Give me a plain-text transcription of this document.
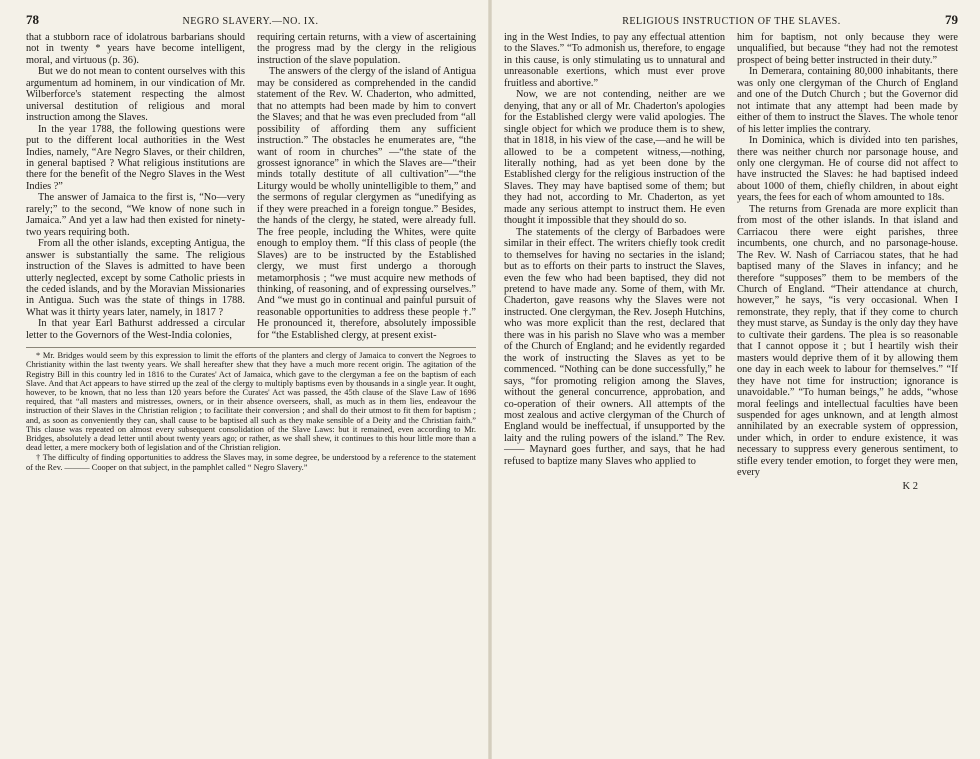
78	NEGRO SLAVERY.—NO. IX.

that a stubborn race of idolatrous barbarians should not in twenty * years have become intelligent, moral, and virtuous (p. 36).

But we do not mean to content ourselves with this argumentum ad hominem, in our vindication of Mr. Wilberforce's statement respecting the almost universal destitution of religious and moral instruction among the Slaves.

In the year 1788, the following questions were put to the different local authorities in the West Indies, namely, “Are Negro Slaves, or their children, in general baptised ? What religious institutions are there for the benefit of the Negro Slaves in the West Indies ?”

The answer of Jamaica to the first is, “No—very rarely;” to the second, “We know of none such in Jamaica.” And yet a law had then existed for ninety-two years requiring both.

From all the other islands, excepting Antigua, the answer is substantially the same. The religious instruction of the Slaves is admitted to have been utterly neglected, except by some Catholic priests in the ceded islands, and by the Moravian Missionaries in Antigua. Such was the state of things in 1788. What was it thirty years later, namely, in 1817 ?

In that year Earl Bathurst addressed a circular letter to the Governors of the West-India colonies,

requiring certain returns, with a view of ascertaining the progress mad by the clergy in the religious instruction of the slave population.

The answers of the clergy of the island of Antigua may be considered as comprehended in the candid statement of the Rev. W. Chaderton, who admitted, that no attempts had been made by him to convert the Slaves; and that he was even precluded from “all possibility of affording them any sufficient instruction.” The obstacles he enumerates are, “the want of room in churches” —“the state of the grossest ignorance” in which the Slaves are—“their minds totally destitute of all cultivation”—“the Liturgy would be wholly unintelligible to them,” and the sermons of regular clergymen as “unedifying as if they were preached in a foreign tongue.” Besides, the hands of the clergy, he stated, were already full. The free people, including the Whites, were quite enough to employ them. “If this class of people (the Slaves) are to be instructed by the Established clergy, we must first undergo a thorough metamorphosis ; “we must acquire new methods of thinking, of reasoning, and of expressing ourselves.” And “we must go in continual and painful pursuit of reasonable opportunities to address these people †.” He pronounced it, therefore, absolutely impossible for “the Established clergy, at present exist-

* Mr. Bridges would seem by this expression to limit the efforts of the planters and clergy of Jamaica to convert the Negroes to Christianity within the last twenty years. We shall hereafter shew that they have a much more recent origin. The agitation of the Registry Bill in this country led in 1816 to the Curates' Act of Jamaica, which gave to the clergyman a fee on the baptism of each Slave. And that Act appears to have stirred up the zeal of the clergy to multiply baptisms even by thousands in a single year. It ought, however, to be known, that no less than 120 years before the Curates' Act was passed, the 45th clause of the Slave Law of 1696 required, that “all masters and mistresses, owners, or in their absence overseers, shall, as much as in them lies, endeavour the instruction of their Slaves in the Christian religion ; to facilitate their conversion ; and shall do their utmost to fit them for baptism ; and, as soon as conveniently they can, shall cause to be baptised all such as they make sensible of a Deity and the Christian faith.” This clause was repeated on almost every subsequent consolidation of the Slave Laws: but it remained, even according to Mr. Bridges, absolutely a dead letter until about twenty years ago; or rather, as we shall shew, it continues to this hour little more than a dead letter, a mere mockery both of legislation and of the Christian religion.

† The difficulty of finding opportunities to address the Slaves may, in some degree, be understood by a reference to the statement of the Rev. ——— Cooper on that subject, in the pamphlet called “ Negro Slavery.”

RELIGIOUS INSTRUCTION OF THE SLAVES.	79

ing in the West Indies, to pay any effectual attention to the Slaves.” “To admonish us, therefore, to engage in this cause, is only stimulating us to unnatural and unreasonable exertions, which must ever prove fruitless and abortive.”

Now, we are not contending, neither are we denying, that any or all of Mr. Chaderton's apologies for the Established clergy were valid apologies. The single object for which we produce them is to shew, that in 1818, in his view of the case,—and he will be allowed to be a competent witness,—nothing, literally nothing, had as yet been done by the Established clergy for the religious instruction of the Slaves. They may have baptised some of them; but they had not, according to Mr. Chaderton, as yet made any serious attempt to instruct them. He even thought it impossible that they should do so.

The statements of the clergy of Barbadoes were similar in their effect. The writers chiefly took credit to themselves for having no sectaries in the island; but as to efforts on their parts to instruct the Slaves, even the few who had been baptised, they did not pretend to have made any. Some of them, with Mr. Chaderton, gave reasons why the Slaves were not instructed. One clergyman, the Rev. Joseph Hutchins, who was more explicit than the rest, declared that there was in his parish no Slave who was a member of the Church of England; and he evidently regarded the work of instructing the Slaves as yet to be commenced. “Nothing can be done successfully,” he says, “for promoting religion among the Slaves, without the general concurrence, approbation, and co-operation of their owners. All attempts of the most zealous and active clergyman of the Church of England would be ineffectual, if unsupported by the laity and the ruling powers of the island.” The Rev. —— Maynard goes further, and says, that he had refused to baptize many Slaves who applied to

him for baptism, not only because they were unqualified, but because “they had not the remotest prospect of being better instructed in their duty.”

In Demerara, containing 80,000 inhabitants, there was only one clergyman of the Church of England and one of the Dutch Church ; but the Governor did not intimate that any attempt had been made by either of them to instruct the Slaves. The whole tenor of his letter implies the contrary.

In Dominica, which is divided into ten parishes, there was neither church nor parsonage house, and only one clergyman. He of course did not affect to have instructed the Slaves: he had baptised indeed about 1000 of them, chiefly children, in about eight years, the fees for each of whom amounted to 18s.

The returns from Grenada are more explicit than from most of the other islands. In that island and Carriacou there were eight parishes, three incumbents, one church, and no parsonage-house. The Rev. W. Nash of Carriacou states, that he had baptised many of the Slaves in infancy; and he therefore “supposes” them to be members of the Church of England. “Their attendance at church, however,” he says, “is very occasional. When I remonstrate, they reply, that if they come to church they must starve, as Sunday is the only day they have to cultivate their gardens. The plea is so reasonable that I cannot oppose it ; but I heartily wish their masters would deprive them of it by allowing them one day in each week to labour for themselves.” “If they have not time for instruction; ignorance is unavoidable.” “To human beings,” he adds, “whose moral feelings and intellectual faculties have been suspended for ages unknown, and at length almost annihilated by an execrable system of oppression, under which, in order to endure existence, it was necessary to suppress every generous sentiment, to stifle every tender emotion, to forget they were men, every

K 2
